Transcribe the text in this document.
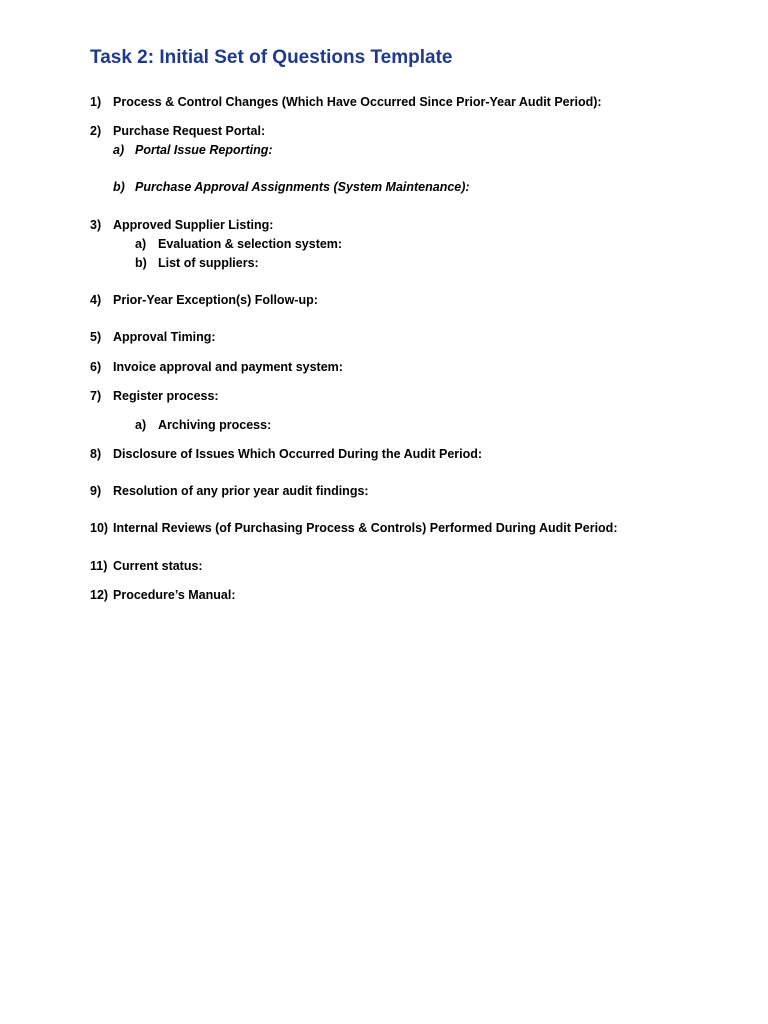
Task 2: Initial Set of Questions Template
1) Process & Control Changes (Which Have Occurred Since Prior-Year Audit Period):
2) Purchase Request Portal:
a) Portal Issue Reporting:
b) Purchase Approval Assignments (System Maintenance):
3) Approved Supplier Listing:
a) Evaluation & selection system:
b) List of suppliers:
4) Prior-Year Exception(s) Follow-up:
5) Approval Timing:
6) Invoice approval and payment system:
7) Register process:
a) Archiving process:
8) Disclosure of Issues Which Occurred During the Audit Period:
9) Resolution of any prior year audit findings:
10) Internal Reviews (of Purchasing Process & Controls) Performed During Audit Period:
11) Current status:
12) Procedure’s Manual:
